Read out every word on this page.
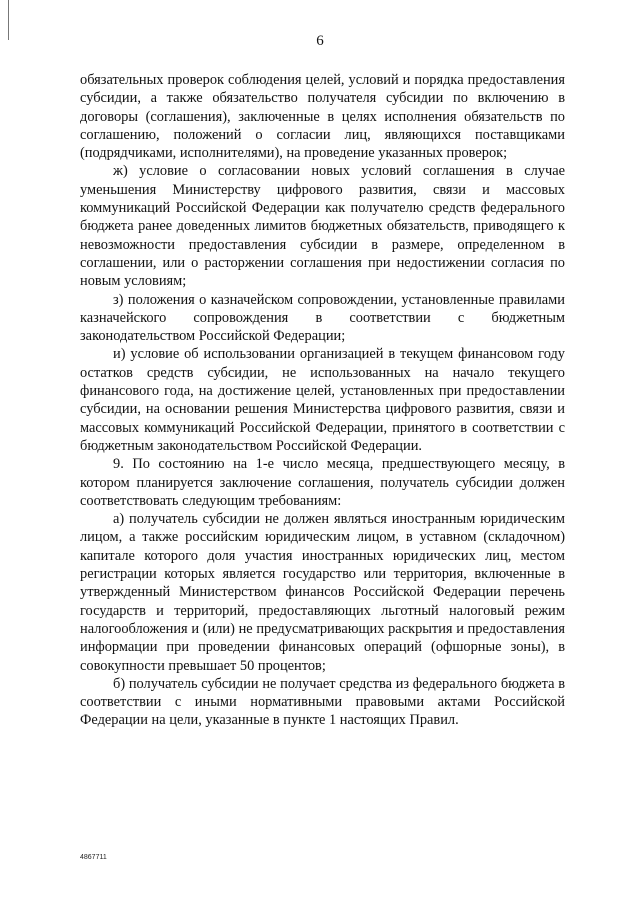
6

обязательных проверок соблюдения целей, условий и порядка предоставления субсидии, а также обязательство получателя субсидии по включению в договоры (соглашения), заключенные в целях исполнения обязательств по соглашению, положений о согласии лиц, являющихся поставщиками (подрядчиками, исполнителями), на проведение указанных проверок;

ж) условие о согласовании новых условий соглашения в случае уменьшения Министерству цифрового развития, связи и массовых коммуникаций Российской Федерации как получателю средств федерального бюджета ранее доведенных лимитов бюджетных обязательств, приводящего к невозможности предоставления субсидии в размере, определенном в соглашении, или о расторжении соглашения при недостижении согласия по новым условиям;

з) положения о казначейском сопровождении, установленные правилами казначейского сопровождения в соответствии с бюджетным законодательством Российской Федерации;

и) условие об использовании организацией в текущем финансовом году остатков средств субсидии, не использованных на начало текущего финансового года, на достижение целей, установленных при предоставлении субсидии, на основании решения Министерства цифрового развития, связи и массовых коммуникаций Российской Федерации, принятого в соответствии с бюджетным законодательством Российской Федерации.

9. По состоянию на 1-е число месяца, предшествующего месяцу, в котором планируется заключение соглашения, получатель субсидии должен соответствовать следующим требованиям:

а) получатель субсидии не должен являться иностранным юридическим лицом, а также российским юридическим лицом, в уставном (складочном) капитале которого доля участия иностранных юридических лиц, местом регистрации которых является государство или территория, включенные в утвержденный Министерством финансов Российской Федерации перечень государств и территорий, предоставляющих льготный налоговый режим налогообложения и (или) не предусматривающих раскрытия и предоставления информации при проведении финансовых операций (офшорные зоны), в совокупности превышает 50 процентов;

б) получатель субсидии не получает средства из федерального бюджета в соответствии с иными нормативными правовыми актами Российской Федерации на цели, указанные в пункте 1 настоящих Правил.

4867711
